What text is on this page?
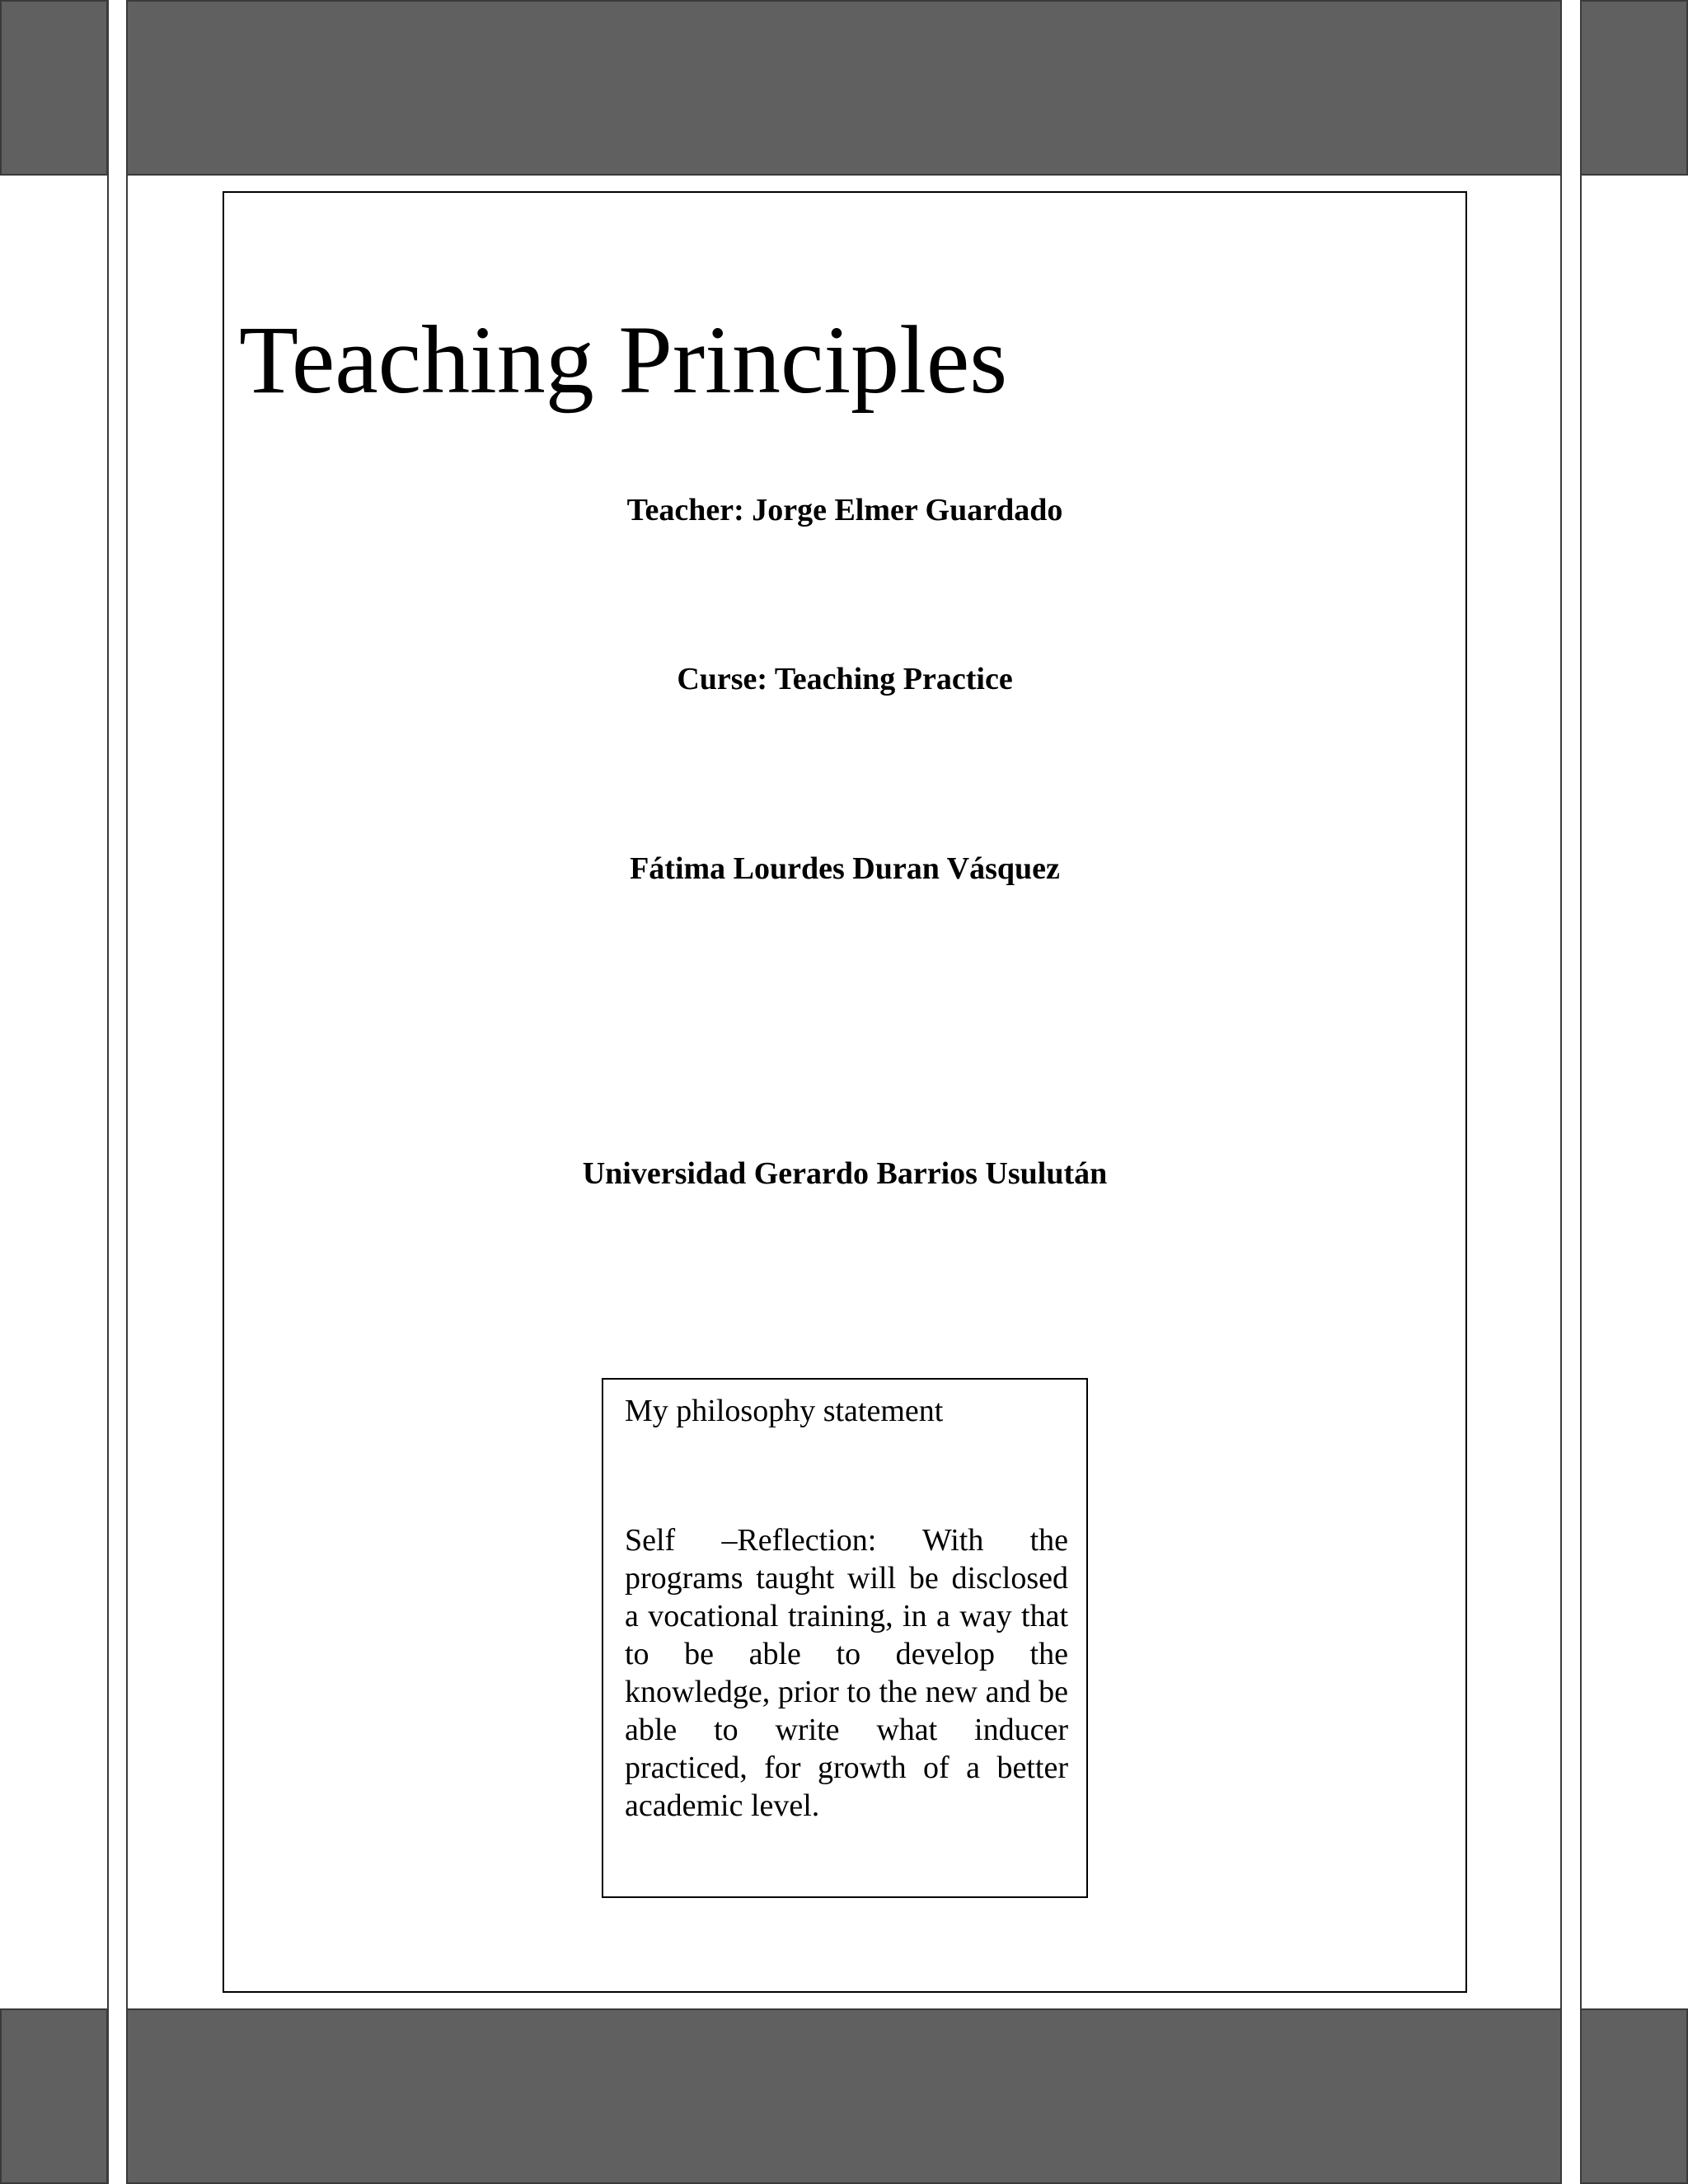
Teaching Principles
Teacher: Jorge Elmer Guardado
Curse: Teaching Practice
Fátima Lourdes Duran Vásquez
Universidad Gerardo Barrios Usulután
My philosophy statement
Self –Reflection: With the programs taught will be disclosed a vocational training, in a way that to be able to develop the knowledge, prior to the new and be able to write what inducer practiced, for growth of a better academic level.
